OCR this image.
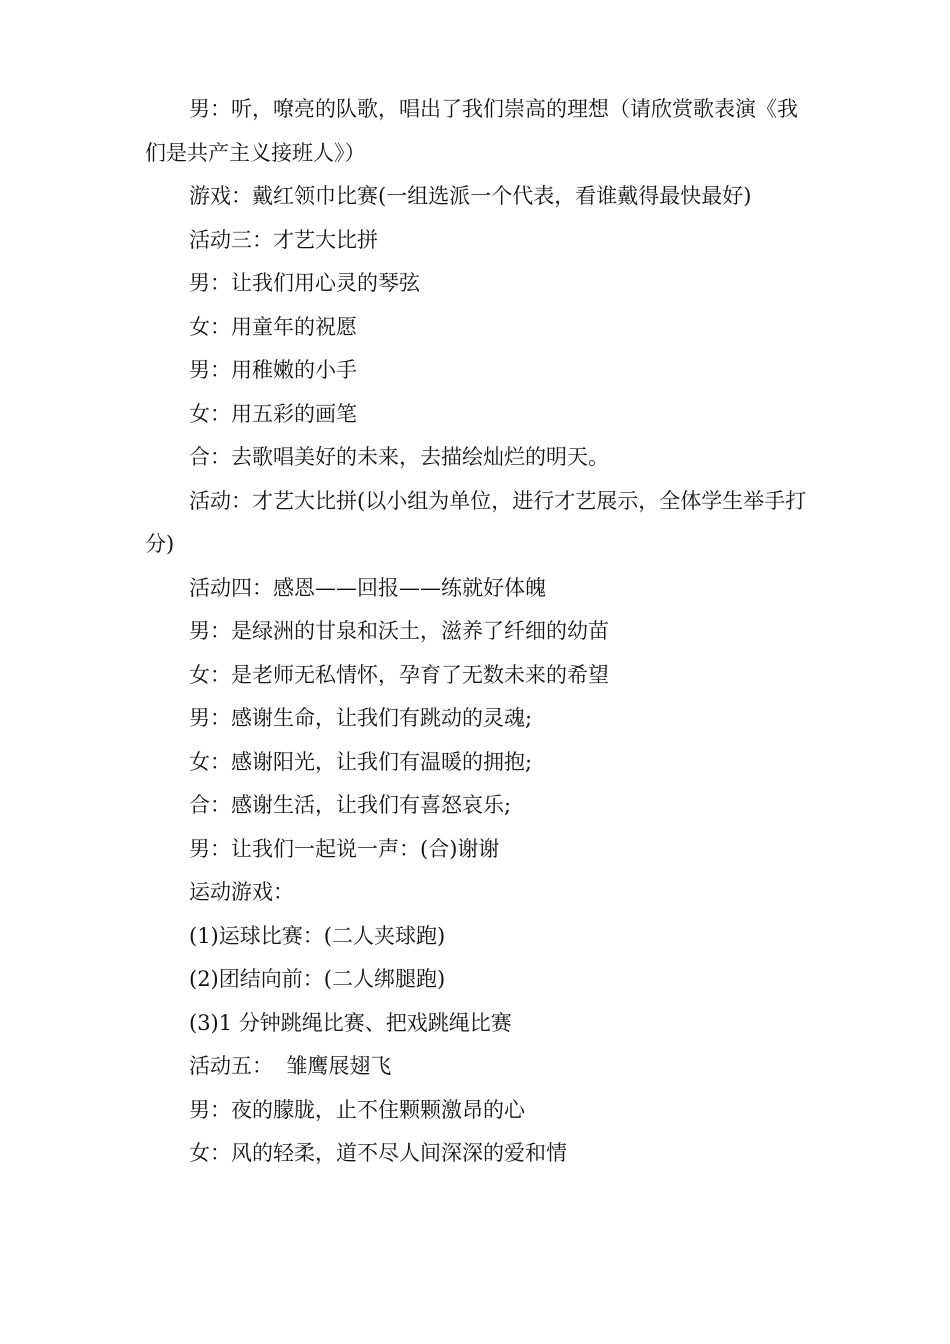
男：听，嘹亮的队歌，唱出了我们崇高的理想（请欣赏歌表演《我们是共产主义接班人》）

游戏：戴红领巾比赛(一组选派一个代表，看谁戴得最快最好)

活动三：才艺大比拼

男：让我们用心灵的琴弦

女：用童年的祝愿

男：用稚嫩的小手

女：用五彩的画笔

合：去歌唱美好的未来，去描绘灿烂的明天。

活动：才艺大比拼(以小组为单位，进行才艺展示，全体学生举手打分)

活动四：感恩——回报——练就好体魄

男：是绿洲的甘泉和沃土，滋养了纤细的幼苗

女：是老师无私情怀，孕育了无数未来的希望

男：感谢生命，让我们有跳动的灵魂;

女：感谢阳光，让我们有温暖的拥抱;

合：感谢生活，让我们有喜怒哀乐;

男：让我们一起说一声：(合)谢谢

运动游戏：

(1)运球比赛：(二人夹球跑)

(2)团结向前：(二人绑腿跑)

(3)1 分钟跳绳比赛、把戏跳绳比赛

活动五：  雏鹰展翅飞

男：夜的朦胧，止不住颗颗激昂的心

女：风的轻柔，道不尽人间深深的爱和情
